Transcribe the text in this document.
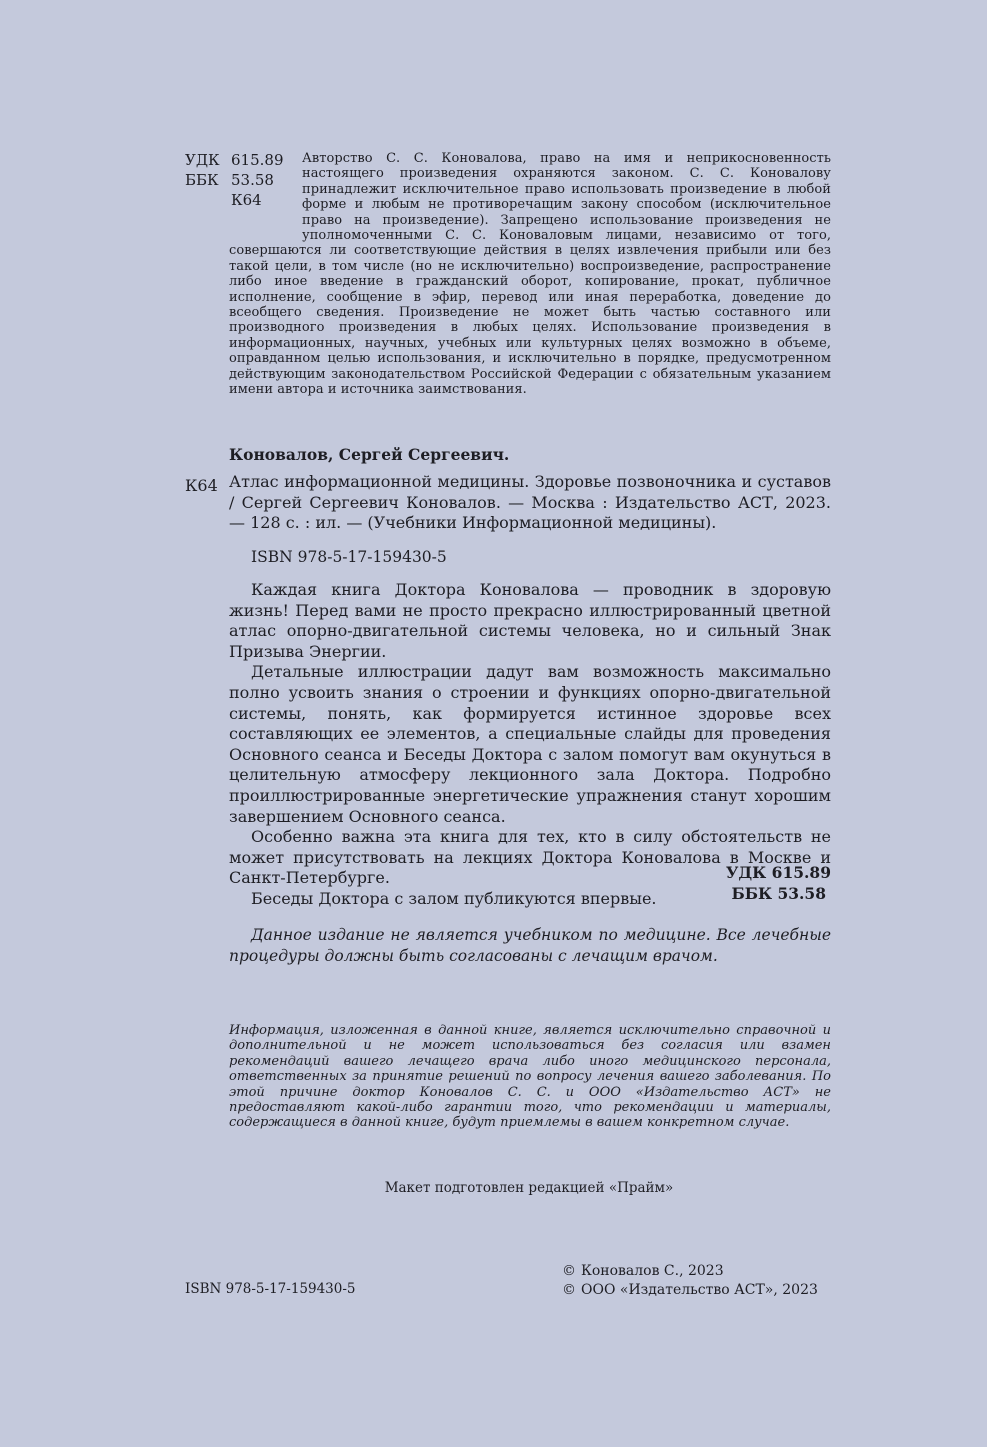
УДК 615.89
ББК 53.58
К64
Авторство С. С. Коновалова, право на имя и неприкосновенность настоящего произведения охраняются законом. С. С. Коновалову принадлежит исключительное право использовать произведение в любой форме и любым не противоречащим закону способом (исключительное право на произведение). Запрещено использование произведения не уполномоченными С. С. Коноваловым лицами, независимо от того, совершаются ли соответствующие действия в целях извлечения прибыли или без такой цели, в том числе (но не исключительно) воспроизведение, распространение либо иное введение в гражданский оборот, копирование, прокат, публичное исполнение, сообщение в эфир, перевод или иная переработка, доведение до всеобщего сведения. Произведение не может быть частью составного или производного произведения в любых целях. Использование произведения в информационных, научных, учебных или культурных целях возможно в объеме, оправданном целью использования, и исключительно в порядке, предусмотренном действующим законодательством Российской Федерации с обязательным указанием имени автора и источника заимствования.
Коновалов, Сергей Сергеевич.
К64 Атлас информационной медицины. Здоровье позвоночника и суставов / Сергей Сергеевич Коновалов. — Москва : Издательство АСТ, 2023. — 128 с. : ил. — (Учебники Информационной медицины).
ISBN 978-5-17-159430-5

Каждая книга Доктора Коновалова — проводник в здоровую жизнь! Перед вами не просто прекрасно иллюстрированный цветной атлас опорно-двигательной системы человека, но и сильный Знак Призыва Энергии.

Детальные иллюстрации дадут вам возможность максимально полно усвоить знания о строении и функциях опорно-двигательной системы, понять, как формируется истинное здоровье всех составляющих ее элементов, а специальные слайды для проведения Основного сеанса и Беседы Доктора с залом помогут вам окунуться в целительную атмосферу лекционного зала Доктора. Подробно проиллюстрированные энергетические упражнения станут хорошим завершением Основного сеанса.

Особенно важна эта книга для тех, кто в силу обстоятельств не может присутствовать на лекциях Доктора Коновалова в Москве и Санкт-Петербурге.

Беседы Доктора с залом публикуются впервые.

УДК 615.89
ББК 53.58
Данное издание не является учебником по медицине. Все лечебные процедуры должны быть согласованы с лечащим врачом.
Информация, изложенная в данной книге, является исключительно справочной и дополнительной и не может использоваться без согласия или взамен рекомендаций вашего лечащего врача либо иного медицинского персонала, ответственных за принятие решений по вопросу лечения вашего заболевания. По этой причине доктор Коновалов С. С. и ООО «Издательство АСТ» не предоставляют какой-либо гарантии того, что рекомендации и материалы, содержащиеся в данной книге, будут приемлемы в вашем конкретном случае.
Макет подготовлен редакцией «Прайм»
ISBN 978-5-17-159430-5
© Коновалов С., 2023
© ООО «Издательство АСТ», 2023
